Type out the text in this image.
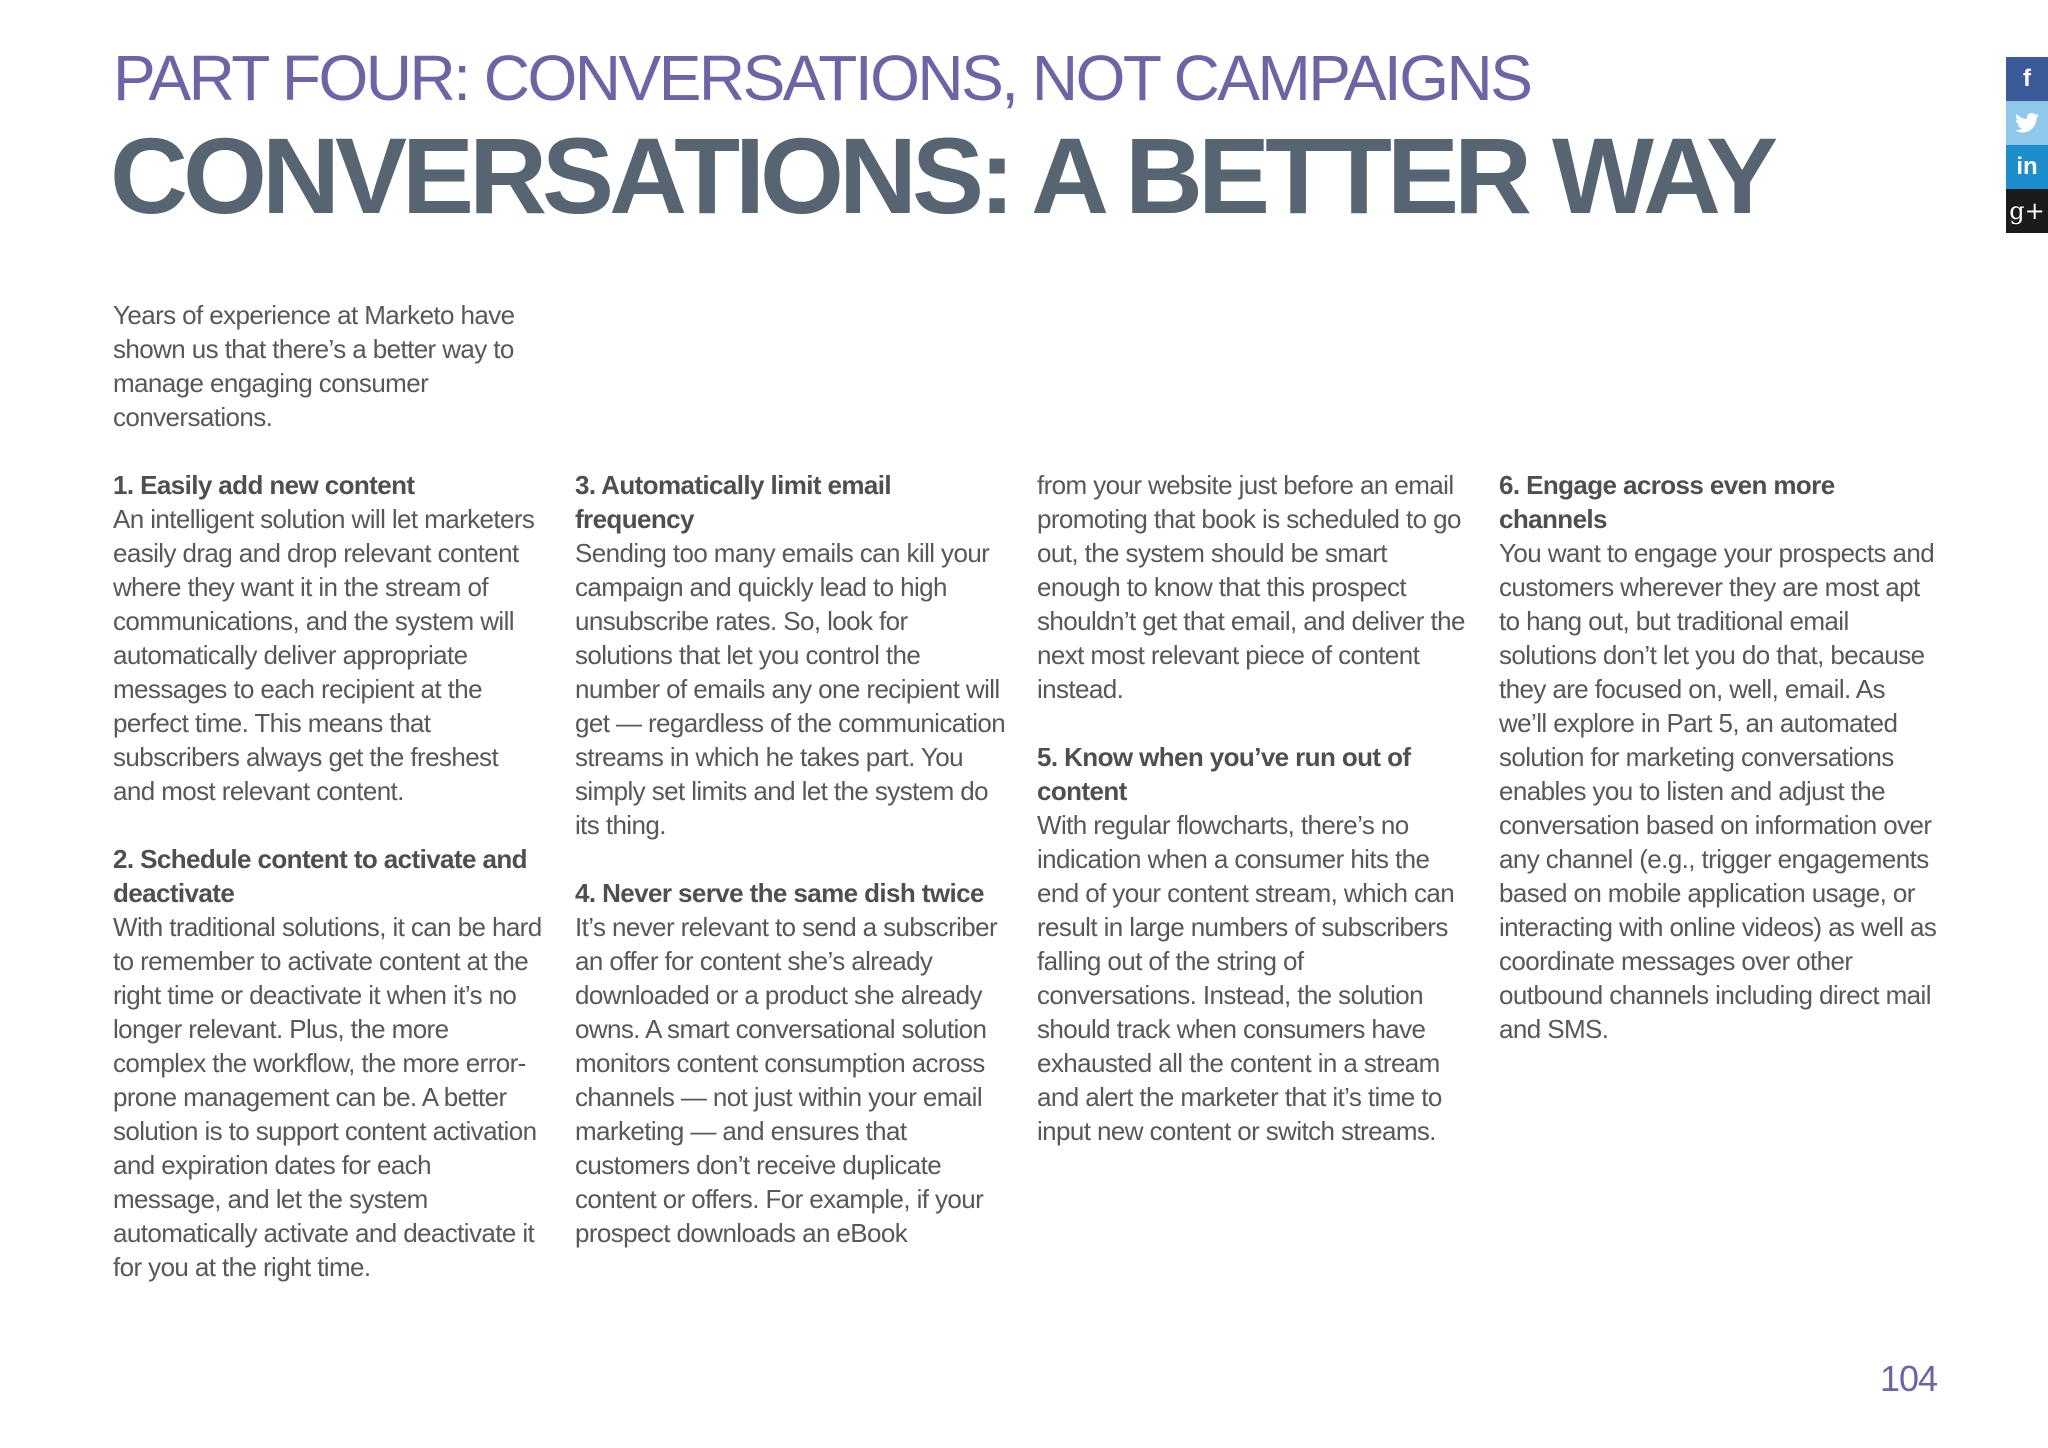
PART FOUR: CONVERSATIONS, NOT CAMPAIGNS
CONVERSATIONS: A BETTER WAY
f
in
g+

Years of experience at Marketo have shown us that there’s a better way to manage engaging consumer conversations.

1. Easily add new content

An intelligent solution will let marketers easily drag and drop relevant content where they want it in the stream of communications, and the system will automatically deliver appropriate messages to each recipient at the perfect time. This means that subscribers always get the freshest and most relevant content.

2. Schedule content to activate and deactivate

With traditional solutions, it can be hard to remember to activate content at the right time or deactivate it when it’s no longer relevant. Plus, the more complex the workflow, the more error-prone management can be. A better solution is to support content activation and expiration dates for each message, and let the system automatically activate and deactivate it for you at the right time.

3. Automatically limit email frequency

Sending too many emails can kill your campaign and quickly lead to high unsubscribe rates. So, look for solutions that let you control the number of emails any one recipient will get — regardless of the communication streams in which he takes part. You simply set limits and let the system do its thing.

4. Never serve the same dish twice

It’s never relevant to send a subscriber an offer for content she’s already downloaded or a product she already owns. A smart conversational solution monitors content consumption across channels — not just within your email marketing — and ensures that customers don’t receive duplicate content or offers. For example, if your prospect downloads an eBook

from your website just before an email promoting that book is scheduled to go out, the system should be smart enough to know that this prospect shouldn’t get that email, and deliver the next most relevant piece of content instead.

5. Know when you’ve run out of content

With regular flowcharts, there’s no indication when a consumer hits the end of your content stream, which can result in large numbers of subscribers falling out of the string of conversations. Instead, the solution should track when consumers have exhausted all the content in a stream and alert the marketer that it’s time to input new content or switch streams.

6. Engage across even more channels

You want to engage your prospects and customers wherever they are most apt to hang out, but traditional email solutions don’t let you do that, because they are focused on, well, email. As we’ll explore in Part 5, an automated solution for marketing conversations enables you to listen and adjust the conversation based on information over any channel (e.g., trigger engagements based on mobile application usage, or interacting with online videos) as well as coordinate messages over other outbound channels including direct mail and SMS.

104
